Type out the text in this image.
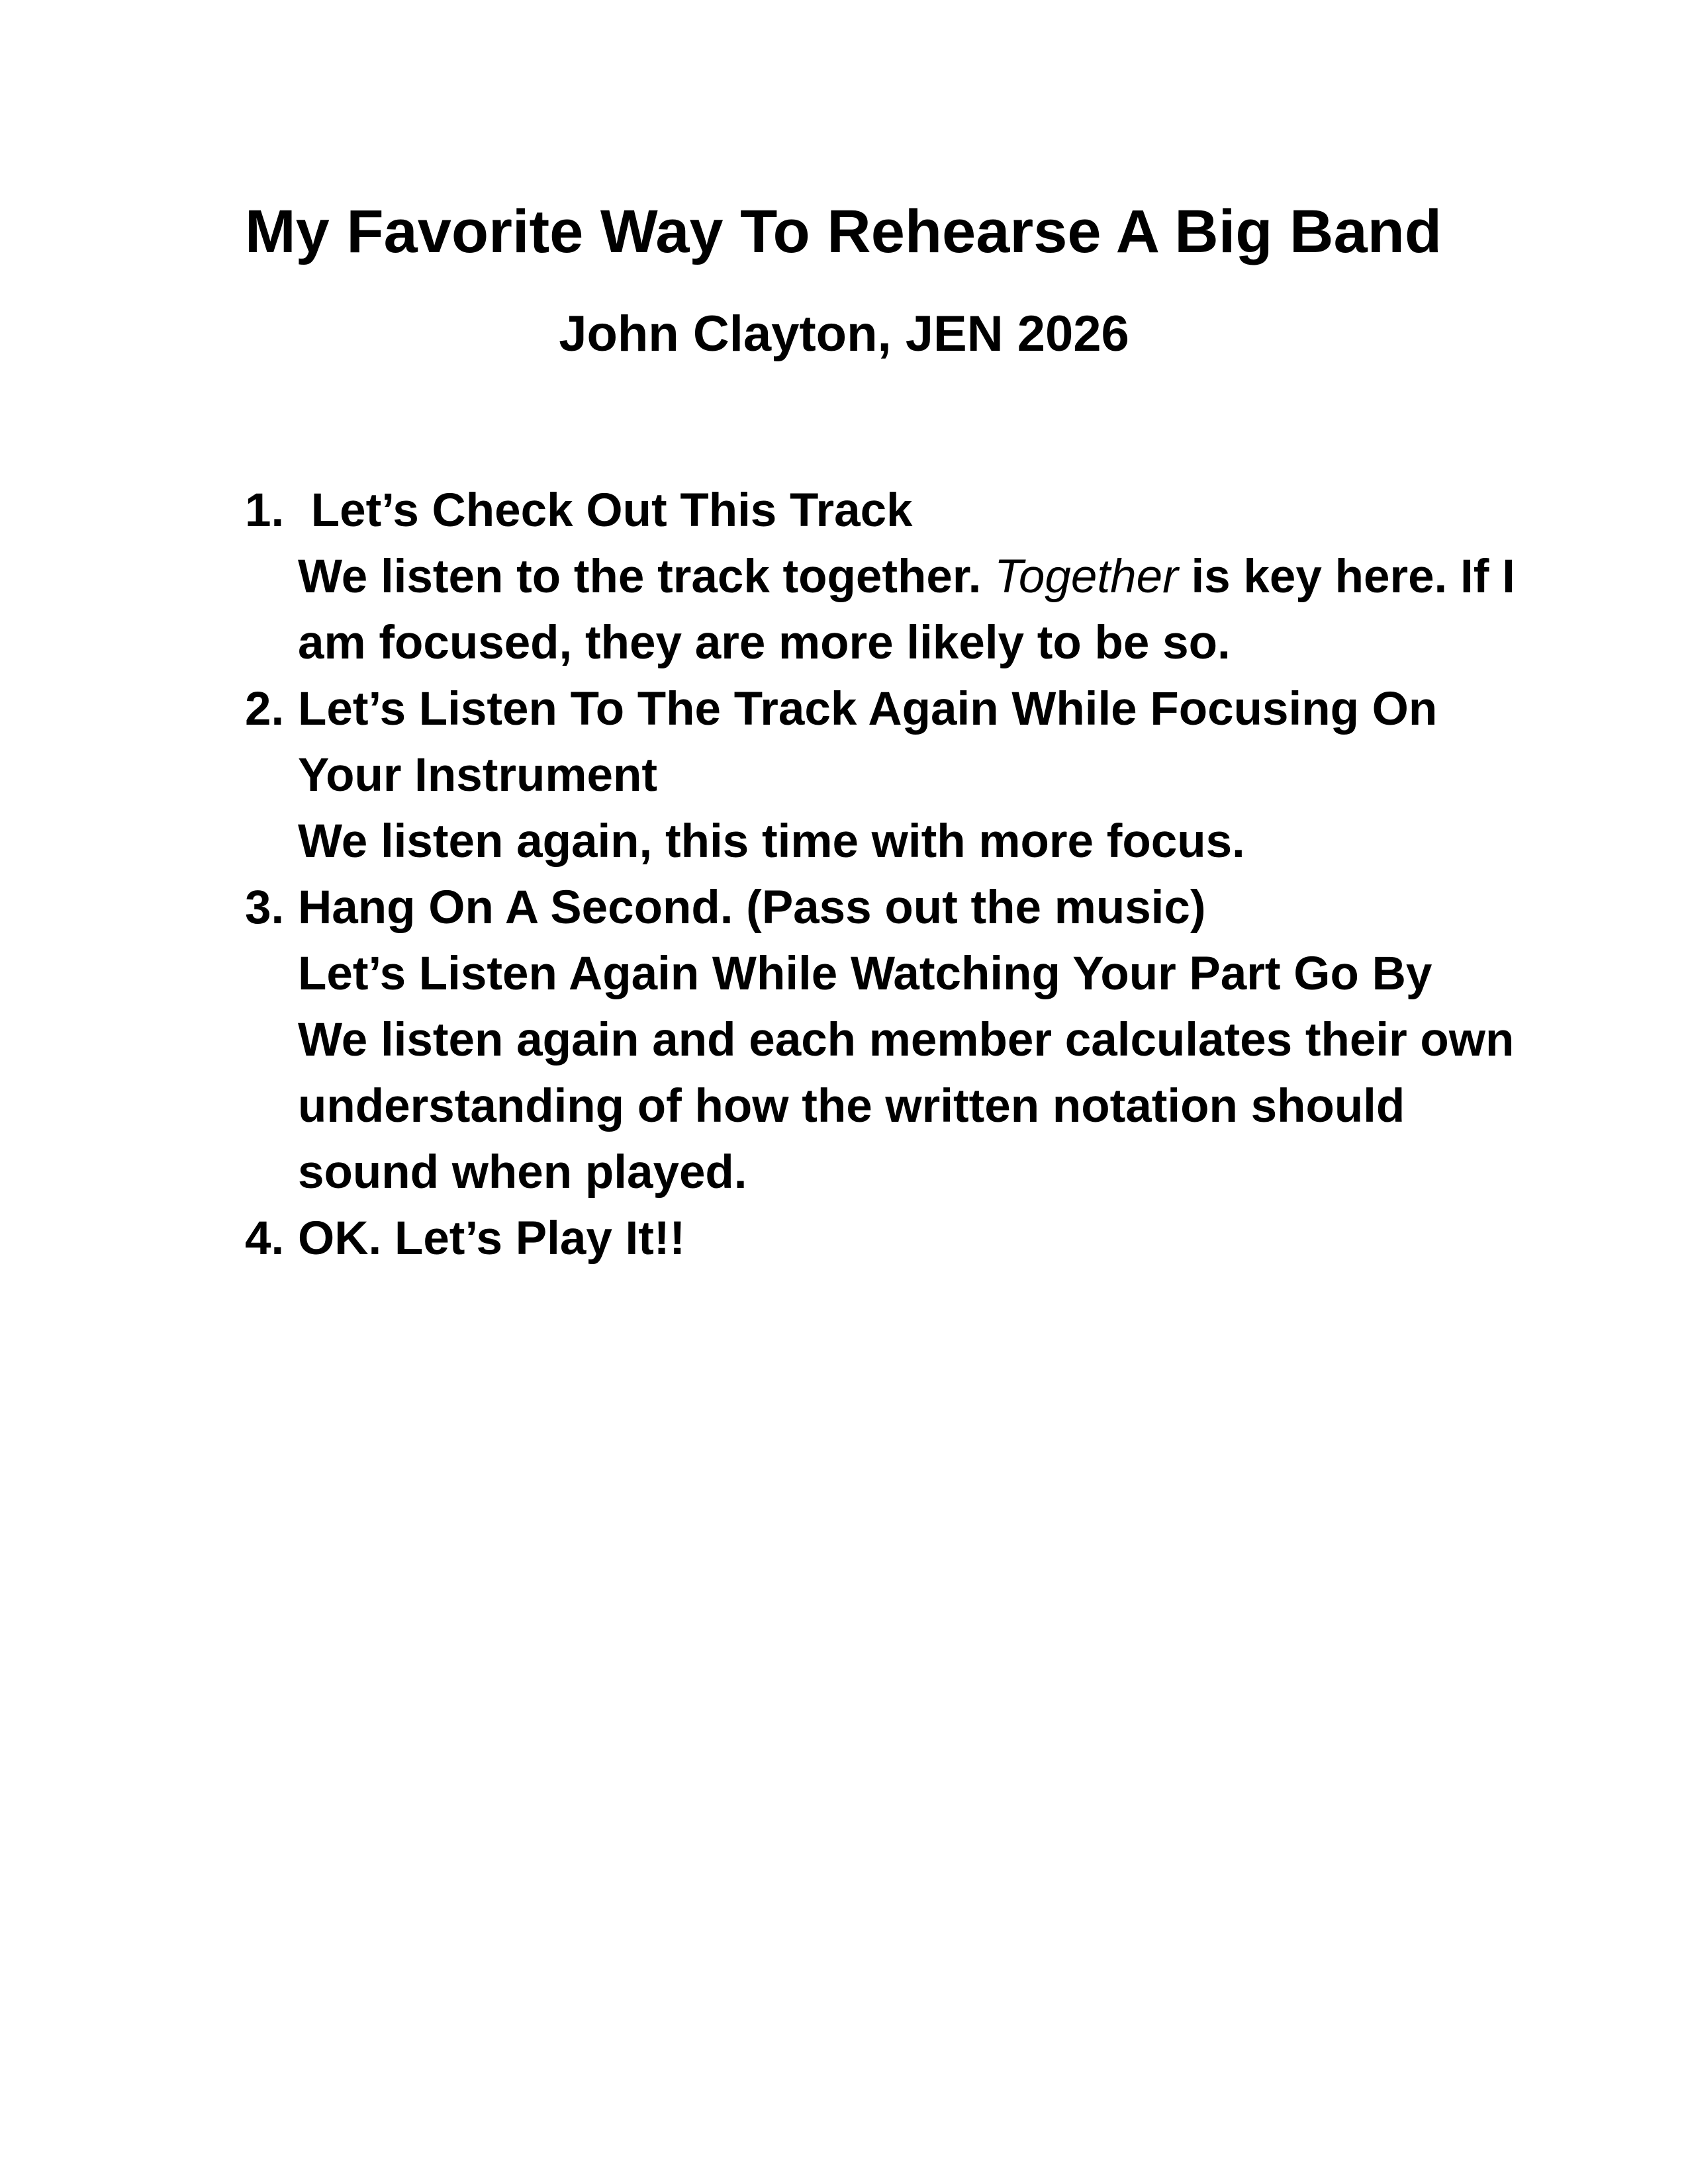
My Favorite Way To Rehearse A Big Band
John Clayton, JEN 2026
1. Let’s Check Out This Track
We listen to the track together. Together is key here. If I am focused, they are more likely to be so.
2. Let’s Listen To The Track Again While Focusing On Your Instrument
We listen again, this time with more focus.
3. Hang On A Second. (Pass out the music)
Let’s Listen Again While Watching Your Part Go By
We listen again and each member calculates their own understanding of how the written notation should sound when played.
4. OK. Let’s Play It!!
